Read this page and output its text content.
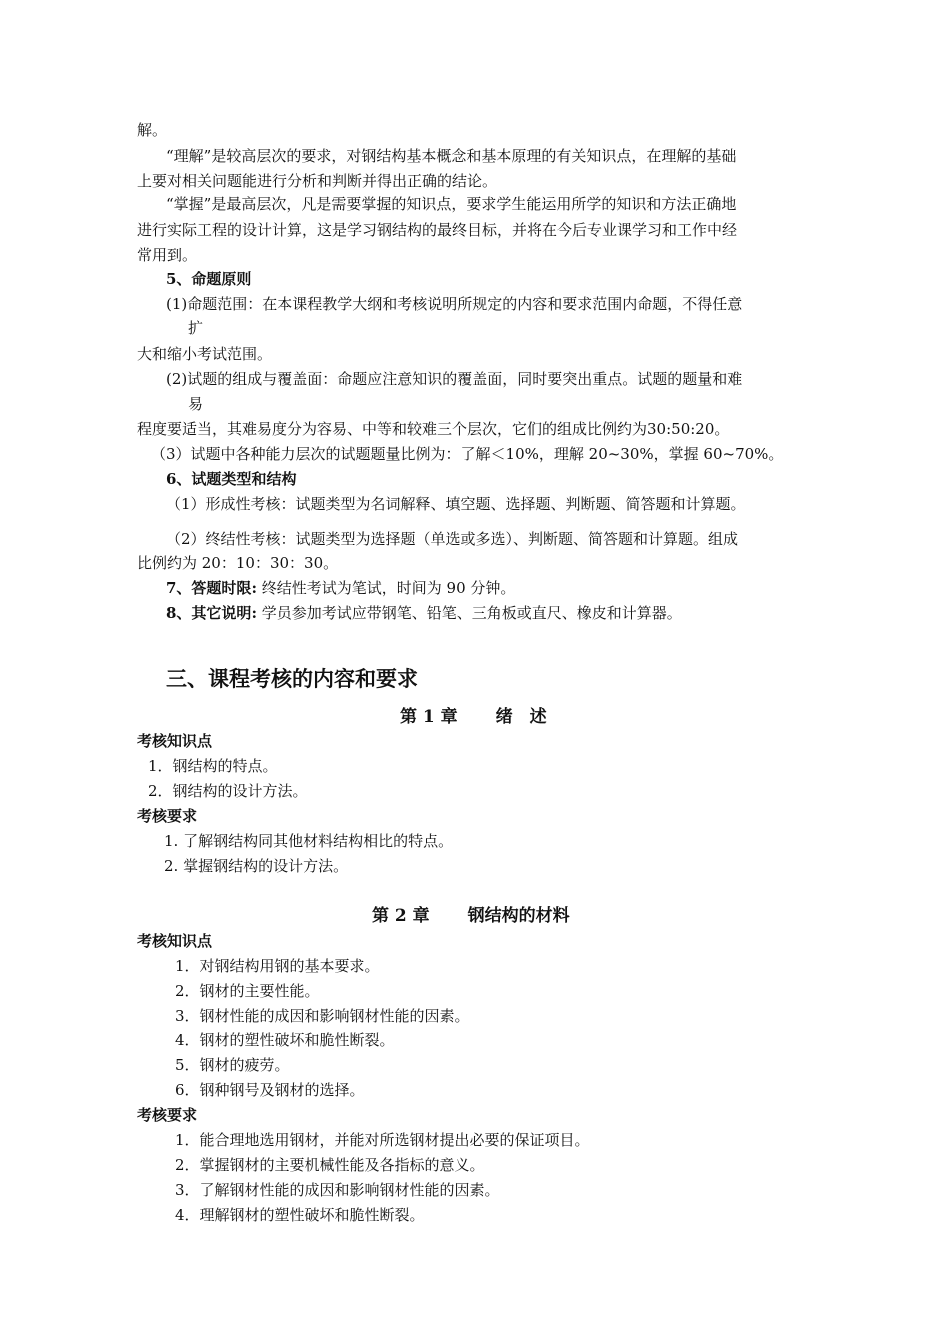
解。
“理解”是较高层次的要求，对钢结构基本概念和基本原理的有关知识点，在理解的基础
上要对相关问题能进行分析和判断并得出正确的结论。
“掌握”是最高层次，凡是需要掌握的知识点，要求学生能运用所学的知识和方法正确地
进行实际工程的设计计算，这是学习钢结构的最终目标，并将在今后专业课学习和工作中经
常用到。
5、命题原则
(1)命题范围：在本课程教学大纲和考核说明所规定的内容和要求范围内命题，不得任意
扩
大和缩小考试范围。
(2)试题的组成与覆盖面：命题应注意知识的覆盖面，同时要突出重点。试题的题量和难
易
程度要适当，其难易度分为容易、中等和较难三个层次，它们的组成比例约为30:50:20。
（3）试题中各种能力层次的试题题量比例为：了解＜10%，理解 20~30%，掌握 60~70%。
6、试题类型和结构
（1）形成性考核：试题类型为名词解释、填空题、选择题、判断题、简答题和计算题。
（2）终结性考核：试题类型为选择题（单选或多选）、判断题、简答题和计算题。组成
比例约为 20：10：30：30。
7、答题时限: 终结性考试为笔试，时间为 90 分钟。
8、其它说明: 学员参加考试应带钢笔、铅笔、三角板或直尺、橡皮和计算器。
三、课程考核的内容和要求
第 1 章 绪　述
考核知识点
1．钢结构的特点。
2．钢结构的设计方法。
考核要求
1. 了解钢结构同其他材料结构相比的特点。
2. 掌握钢结构的设计方法。
第 2 章 钢结构的材料
考核知识点
1．对钢结构用钢的基本要求。
2．钢材的主要性能。
3．钢材性能的成因和影响钢材性能的因素。
4．钢材的塑性破坏和脆性断裂。
5．钢材的疲劳。
6．钢种钢号及钢材的选择。
考核要求
1．能合理地选用钢材，并能对所选钢材提出必要的保证项目。
2．掌握钢材的主要机械性能及各指标的意义。
3．了解钢材性能的成因和影响钢材性能的因素。
4．理解钢材的塑性破坏和脆性断裂。
